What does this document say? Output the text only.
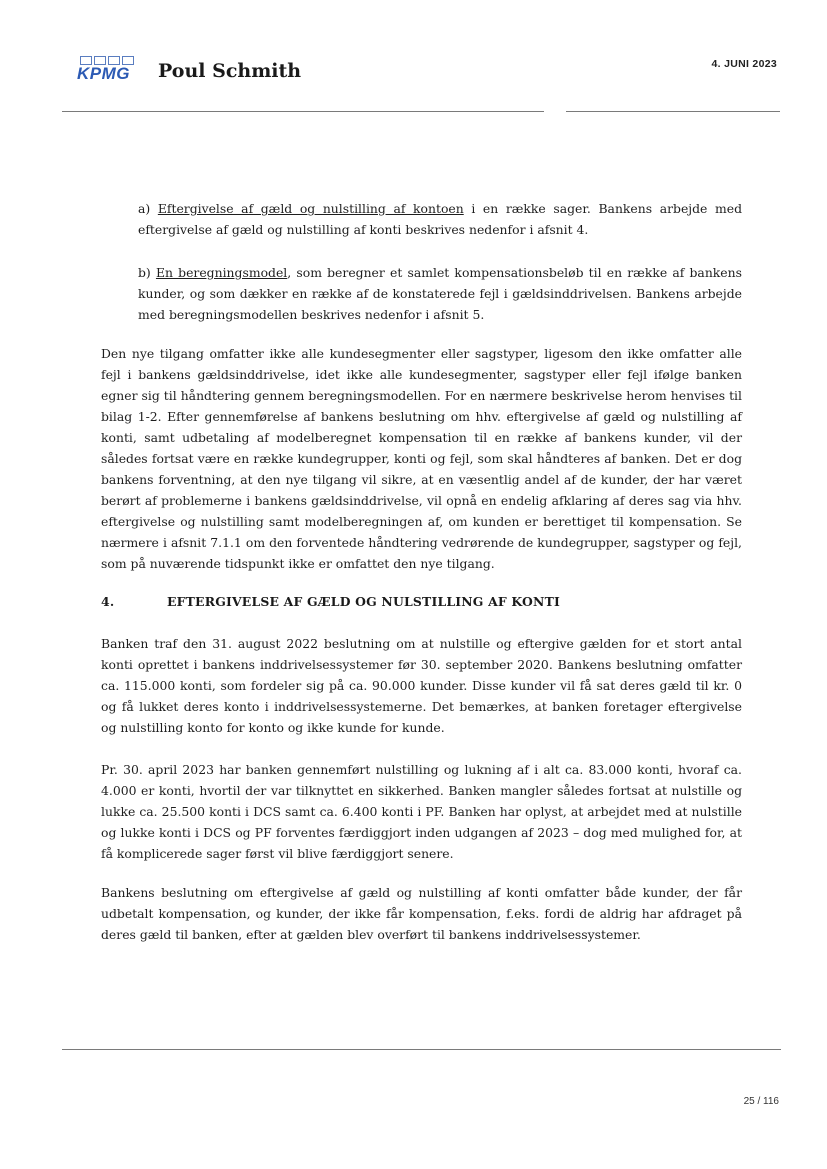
KPMG	Poul Schmith	4. JUNI 2023

a) Eftergivelse af gæld og nulstilling af kontoen i en række sager. Bankens arbejde med eftergivelse af gæld og nulstilling af konti beskrives nedenfor i afsnit 4.

b) En beregningsmodel, som beregner et samlet kompensationsbeløb til en række af bankens kunder, og som dækker en række af de konstaterede fejl i gældsinddrivelsen. Bankens arbejde med beregningsmodellen beskrives nedenfor i afsnit 5.

Den nye tilgang omfatter ikke alle kundesegmenter eller sagstyper, ligesom den ikke omfatter alle fejl i bankens gældsinddrivelse, idet ikke alle kundesegmenter, sagstyper eller fejl ifølge banken egner sig til håndtering gennem beregningsmodellen. For en nærmere beskrivelse herom henvises til bilag 1-2. Efter gennemførelse af bankens beslutning om hhv. eftergivelse af gæld og nulstilling af konti, samt udbetaling af modelberegnet kompensation til en række af bankens kunder, vil der således fortsat være en række kundegrupper, konti og fejl, som skal håndteres af banken. Det er dog bankens forventning, at den nye tilgang vil sikre, at en væsentlig andel af de kunder, der har været berørt af problemerne i bankens gældsinddrivelse, vil opnå en endelig afklaring af deres sag via hhv. eftergivelse og nulstilling samt modelberegningen af, om kunden er berettiget til kompensation. Se nærmere i afsnit 7.1.1 om den forventede håndtering vedrørende de kundegrupper, sagstyper og fejl, som på nuværende tidspunkt ikke er omfattet den nye tilgang.

4.	EFTERGIVELSE AF GÆLD OG NULSTILLING AF KONTI

Banken traf den 31. august 2022 beslutning om at nulstille og eftergive gælden for et stort antal konti oprettet i bankens inddrivelsessystemer før 30. september 2020. Bankens beslutning omfatter ca. 115.000 konti, som fordeler sig på ca. 90.000 kunder. Disse kunder vil få sat deres gæld til kr. 0 og få lukket deres konto i inddrivelsessystemerne. Det bemærkes, at banken foretager eftergivelse og nulstilling konto for konto og ikke kunde for kunde.

Pr. 30. april 2023 har banken gennemført nulstilling og lukning af i alt ca. 83.000 konti, hvoraf ca. 4.000 er konti, hvortil der var tilknyttet en sikkerhed. Banken mangler således fortsat at nulstille og lukke ca. 25.500 konti i DCS samt ca. 6.400 konti i PF. Banken har oplyst, at arbejdet med at nulstille og lukke konti i DCS og PF forventes færdiggjort inden udgangen af 2023 – dog med mulighed for, at få komplicerede sager først vil blive færdiggjort senere.

Bankens beslutning om eftergivelse af gæld og nulstilling af konti omfatter både kunder, der får udbetalt kompensation, og kunder, der ikke får kompensation, f.eks. fordi de aldrig har afdraget på deres gæld til banken, efter at gælden blev overført til bankens inddrivelsessystemer.

25 / 116
